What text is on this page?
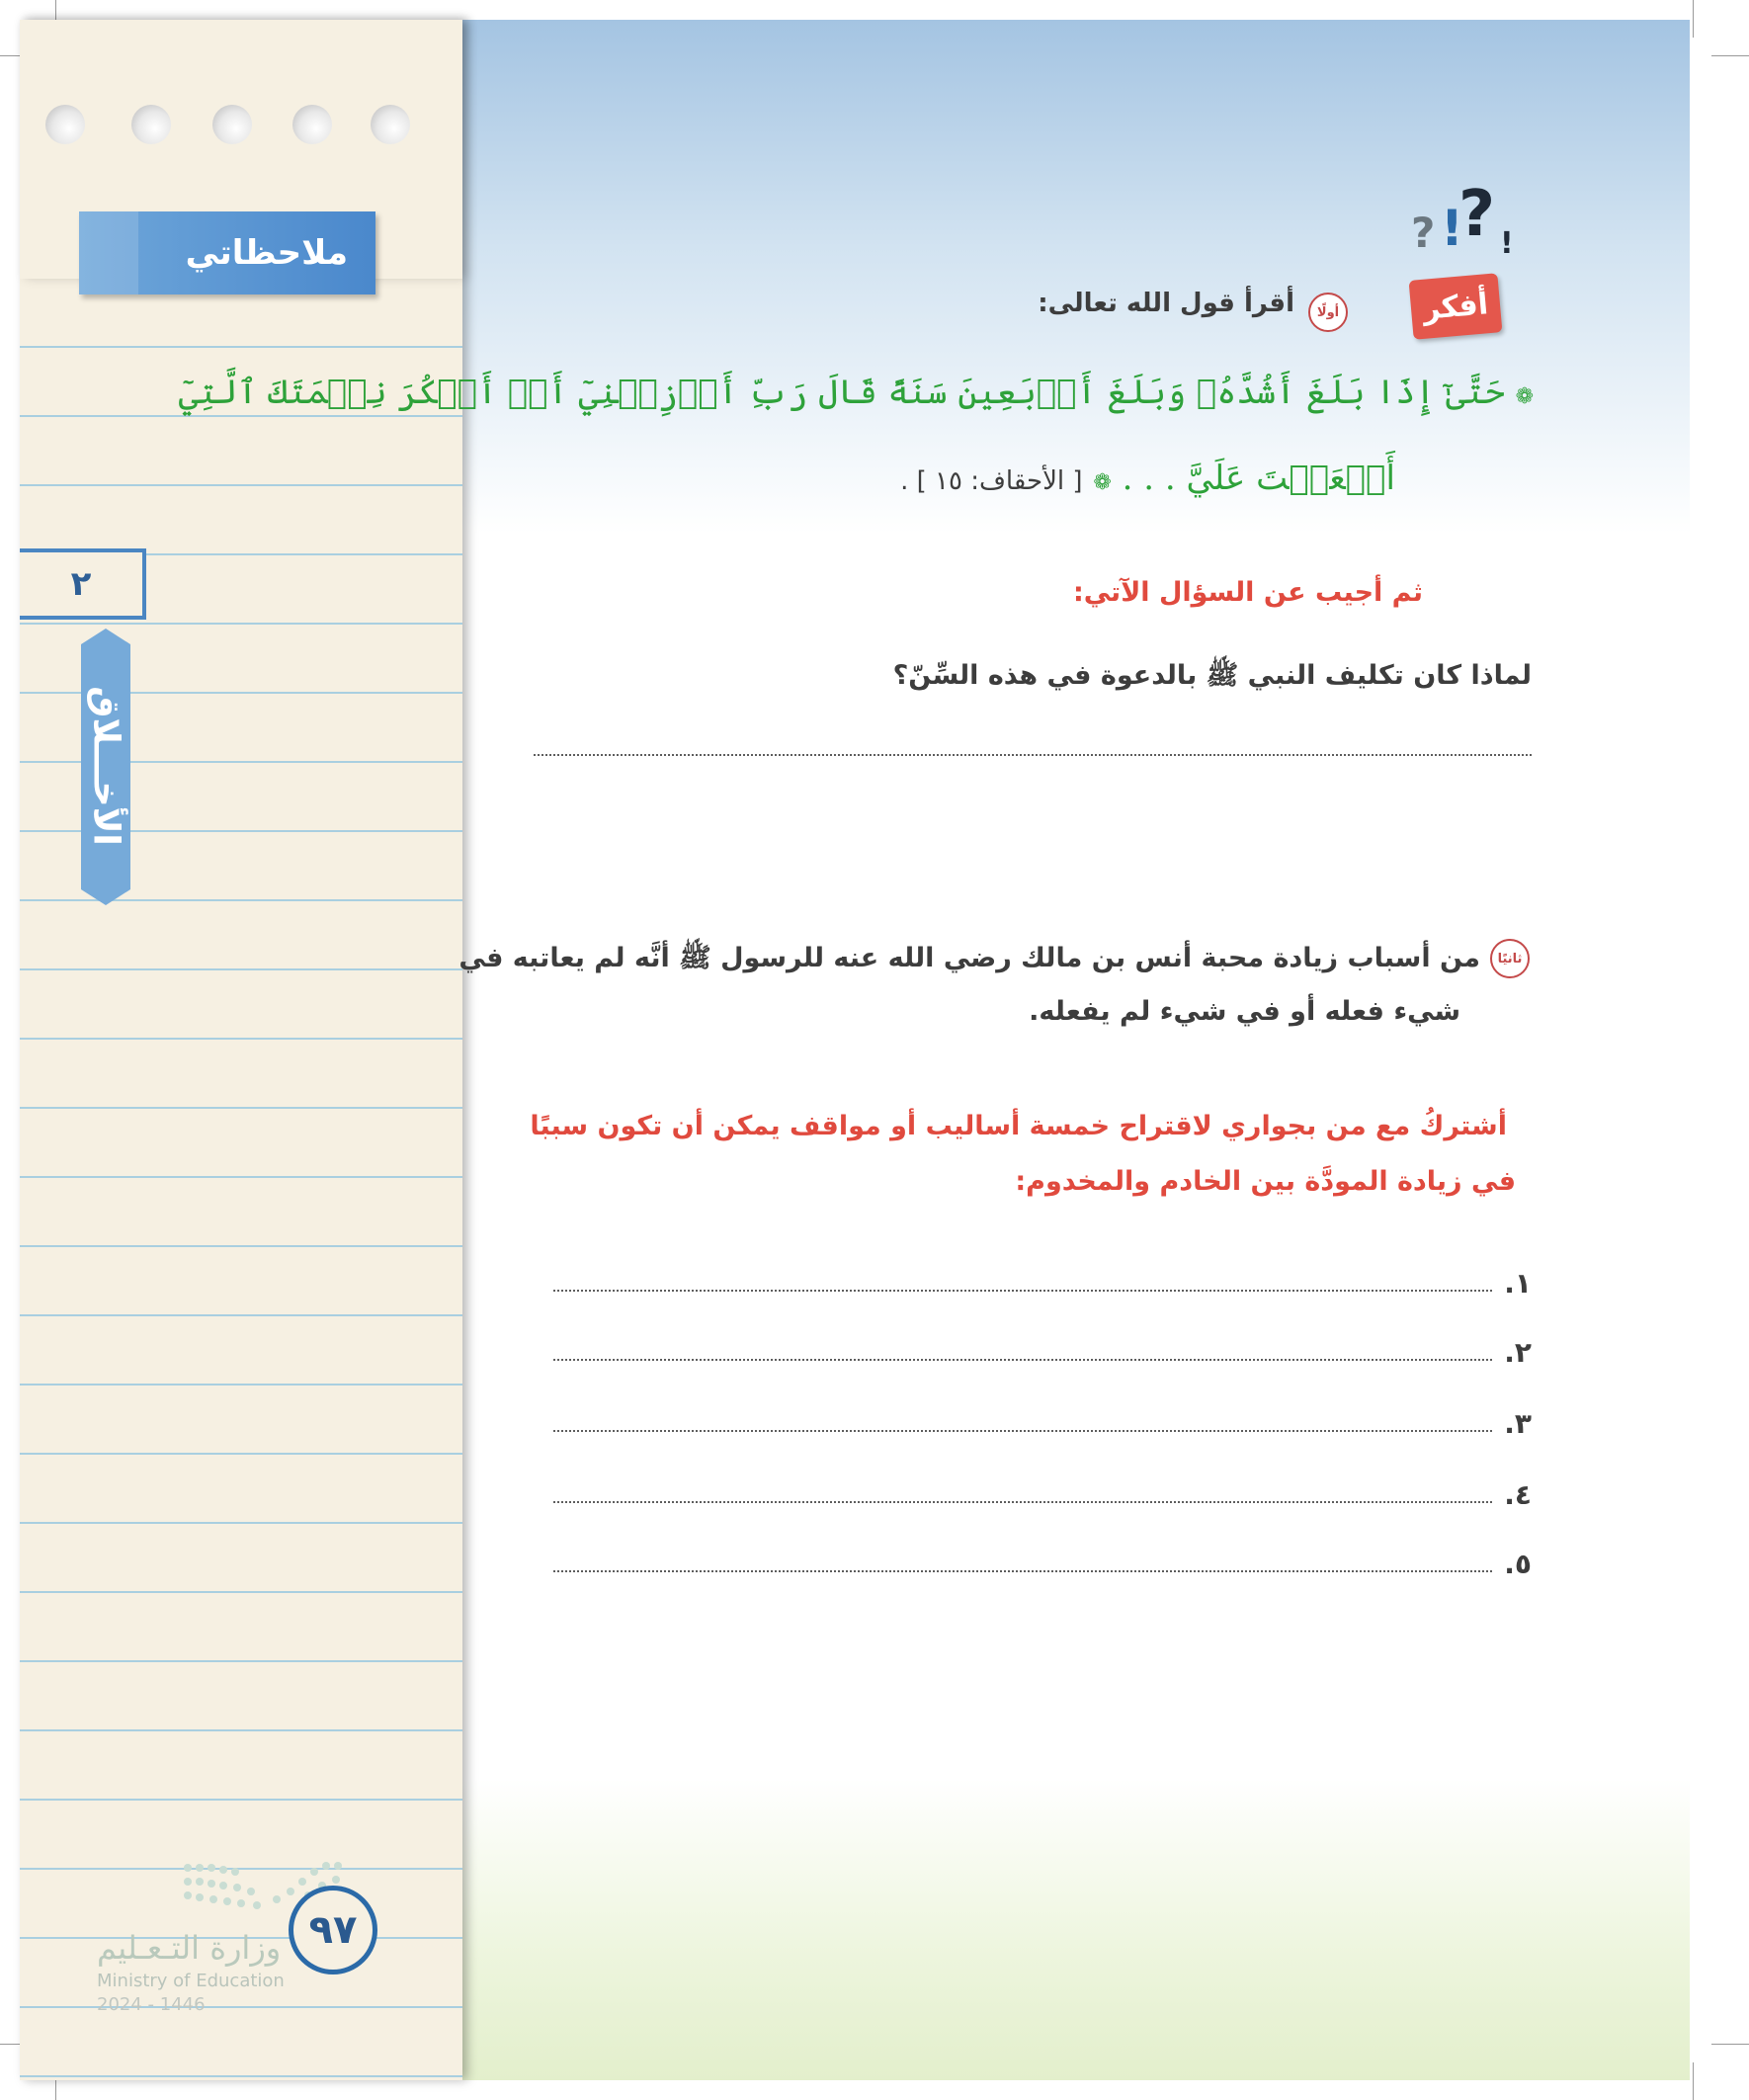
ملاحظاتي
٢
الأخـــلاق
وزارة التـعـليم
Ministry of Education
2024 - 1446
٩٧
? !
? !
أفكر
أولًا
أقرأ قول الله تعالى:
❁ حَتَّىٰٓ إِذَا بَلَغَ أَشُدَّهُۥ وَبَلَغَ أَرۡبَعِينَ سَنَةً قَالَ رَبِّ أَوۡزِعۡنِيٓ أَنۡ أَشۡكُرَ نِعۡمَتَكَ ٱلَّتِيٓ
أَنۡعَمۡتَ عَلَيَّ . . . ❁ [ الأحقاف: ١٥ ] .
ثم أجيب عن السؤال الآتي:
لماذا كان تكليف النبي ﷺ بالدعوة في هذه السِّنّ؟
ثانيًا
من أسباب زيادة محبة أنس بن مالك رضي الله عنه للرسول ﷺ أنَّه لم يعاتبه في
شيء فعله أو في شيء لم يفعله.
أشتركُ مع من بجواري لاقتراح خمسة أساليب أو مواقف يمكن أن تكون سببًا
في زيادة المودَّة بين الخادم والمخدوم:
١.
٢.
٣.
٤.
٥.
